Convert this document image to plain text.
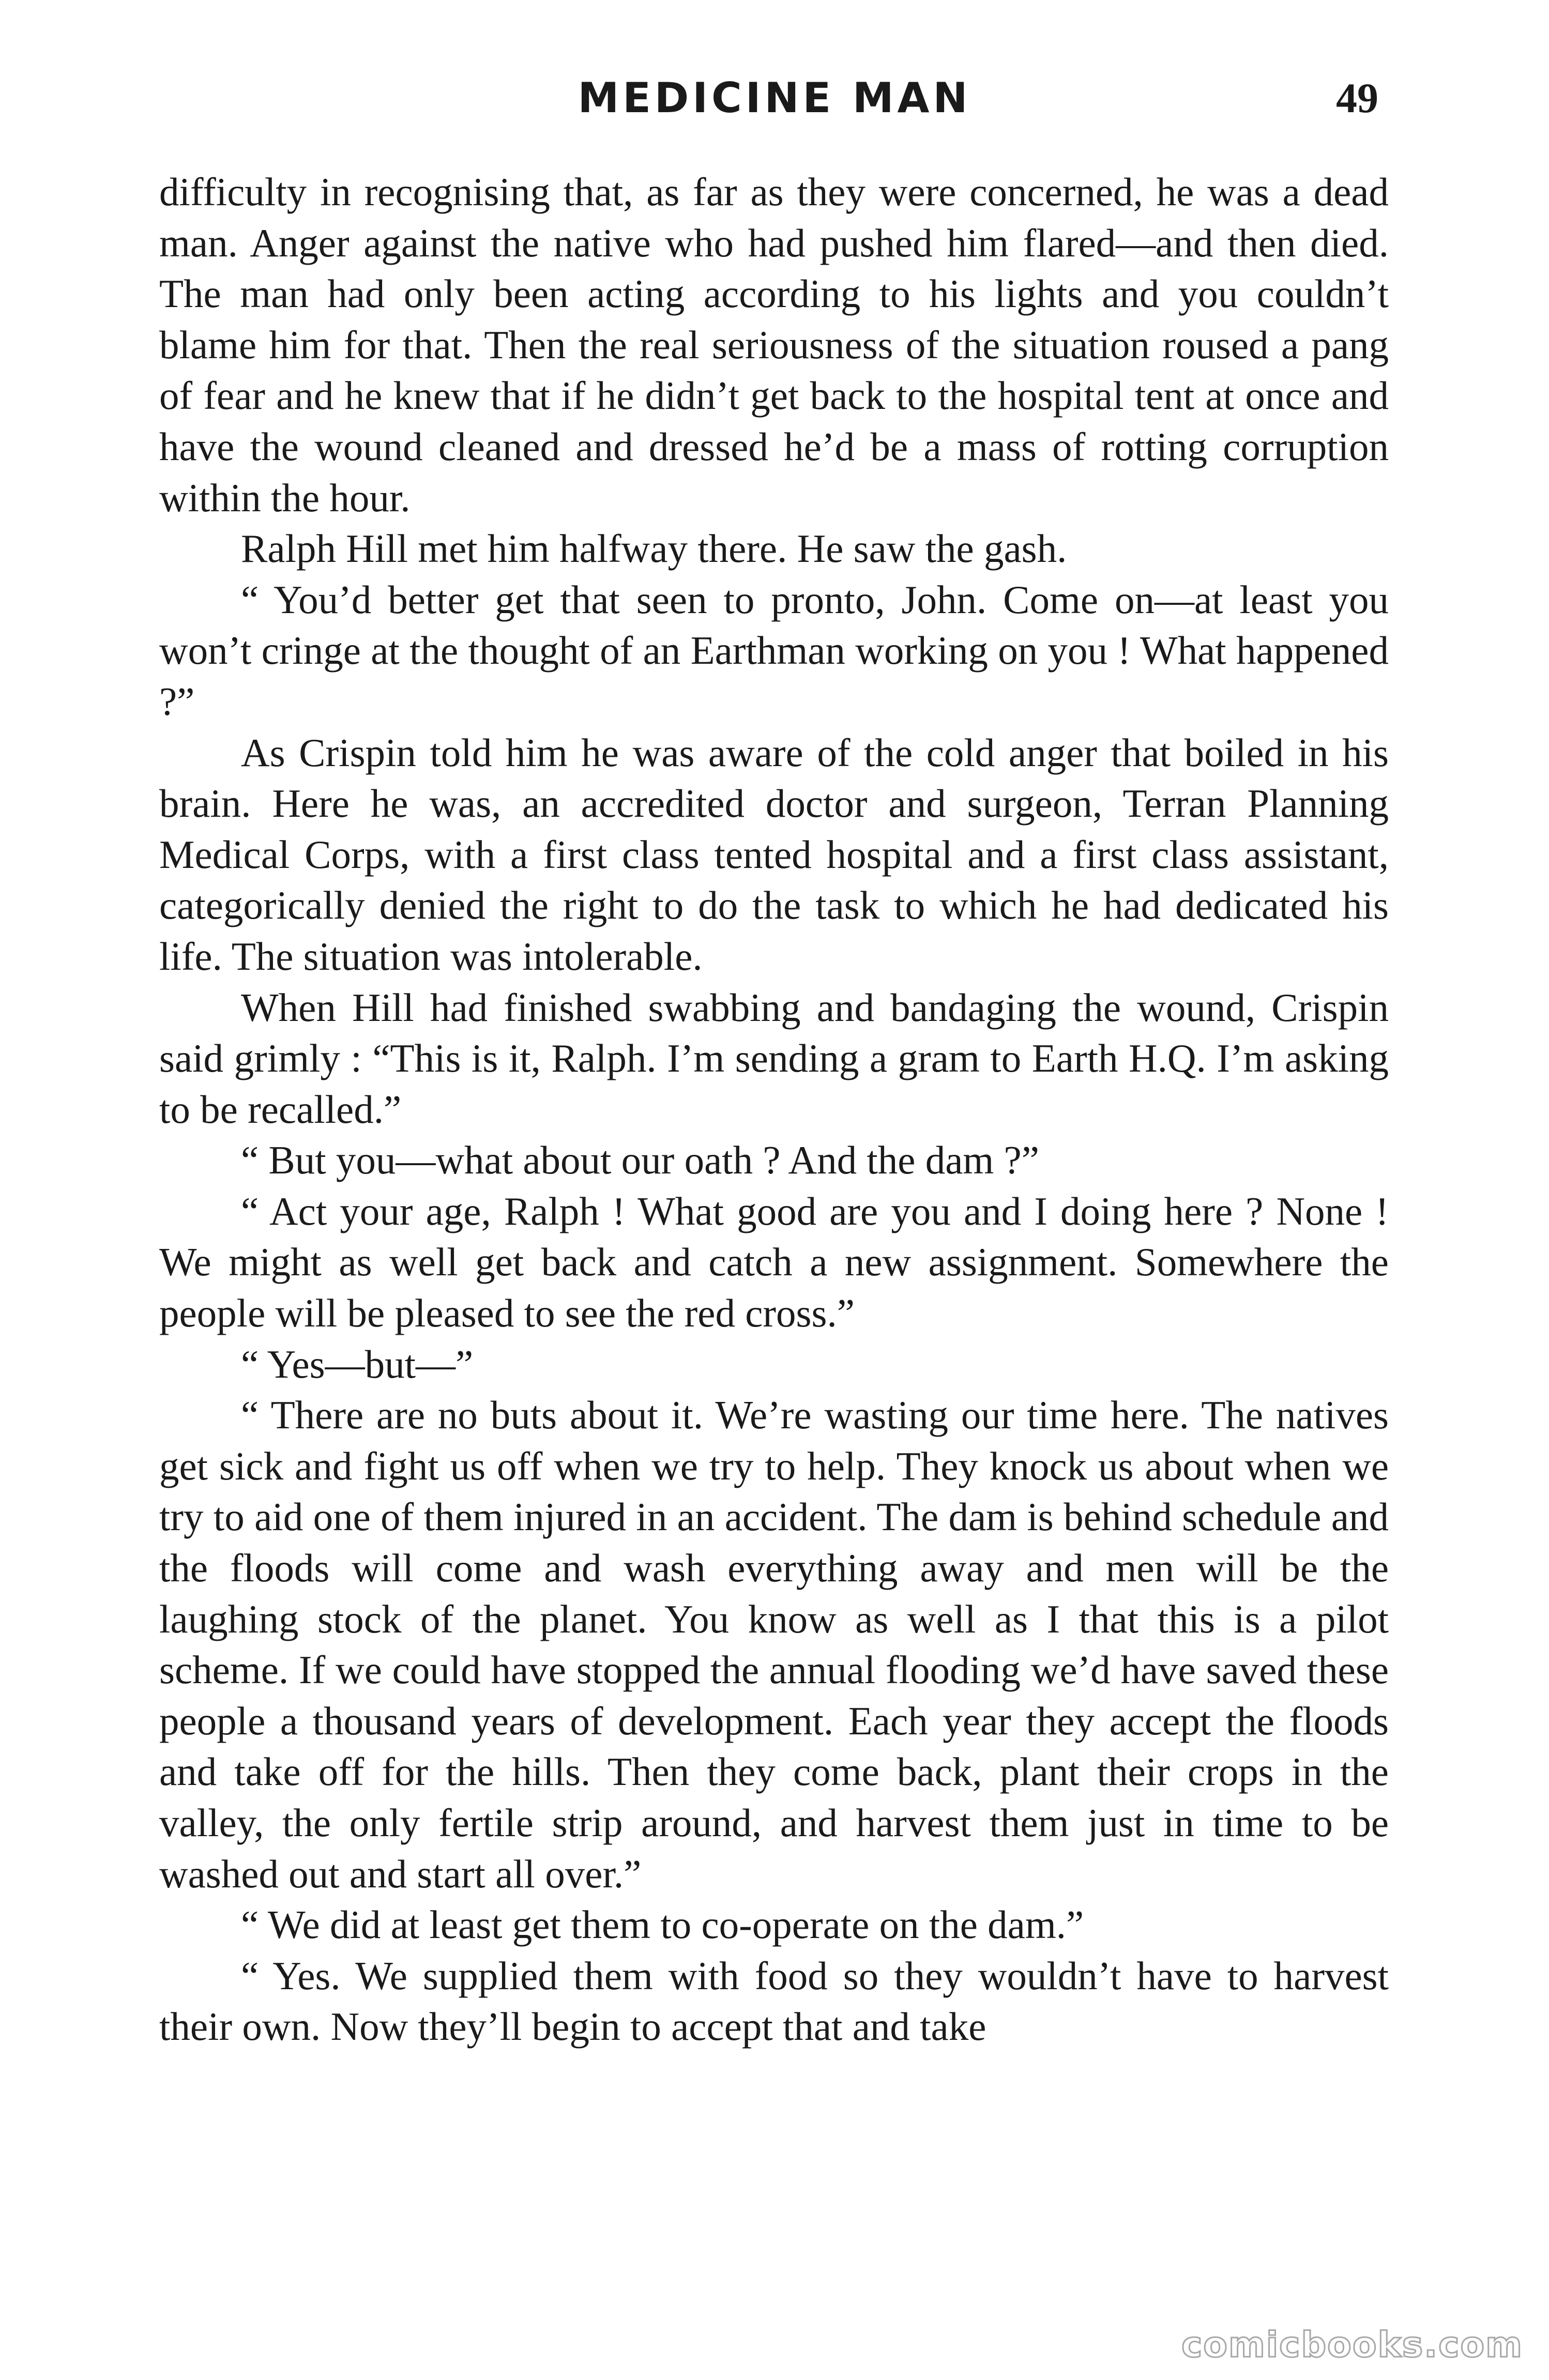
MEDICINE MAN	49

difficulty in recognising that, as far as they were concerned, he was a dead man. Anger against the native who had pushed him flared—and then died. The man had only been acting according to his lights and you couldn’t blame him for that. Then the real seriousness of the situation roused a pang of fear and he knew that if he didn’t get back to the hospital tent at once and have the wound cleaned and dressed he’d be a mass of rotting corruption within the hour.

Ralph Hill met him halfway there. He saw the gash.

“ You’d better get that seen to pronto, John. Come on—at least you won’t cringe at the thought of an Earthman working on you ! What happened ?”

As Crispin told him he was aware of the cold anger that boiled in his brain. Here he was, an accredited doctor and surgeon, Terran Planning Medical Corps, with a first class tented hospital and a first class assistant, categorically denied the right to do the task to which he had dedicated his life. The situation was intolerable.

When Hill had finished swabbing and bandaging the wound, Crispin said grimly : “This is it, Ralph. I’m sending a gram to Earth H.Q. I’m asking to be recalled.”

“ But you—what about our oath ? And the dam ?”

“ Act your age, Ralph ! What good are you and I doing here ? None ! We might as well get back and catch a new assignment. Somewhere the people will be pleased to see the red cross.”

“ Yes—but—”

“ There are no buts about it. We’re wasting our time here. The natives get sick and fight us off when we try to help. They knock us about when we try to aid one of them injured in an accident. The dam is behind schedule and the floods will come and wash everything away and men will be the laughing stock of the planet. You know as well as I that this is a pilot scheme. If we could have stopped the annual flooding we’d have saved these people a thousand years of development. Each year they accept the floods and take off for the hills. Then they come back, plant their crops in the valley, the only fertile strip around, and harvest them just in time to be washed out and start all over.”

“ We did at least get them to co-operate on the dam.”

“ Yes. We supplied them with food so they wouldn’t have to harvest their own. Now they’ll begin to accept that and take

comicbooks.com
